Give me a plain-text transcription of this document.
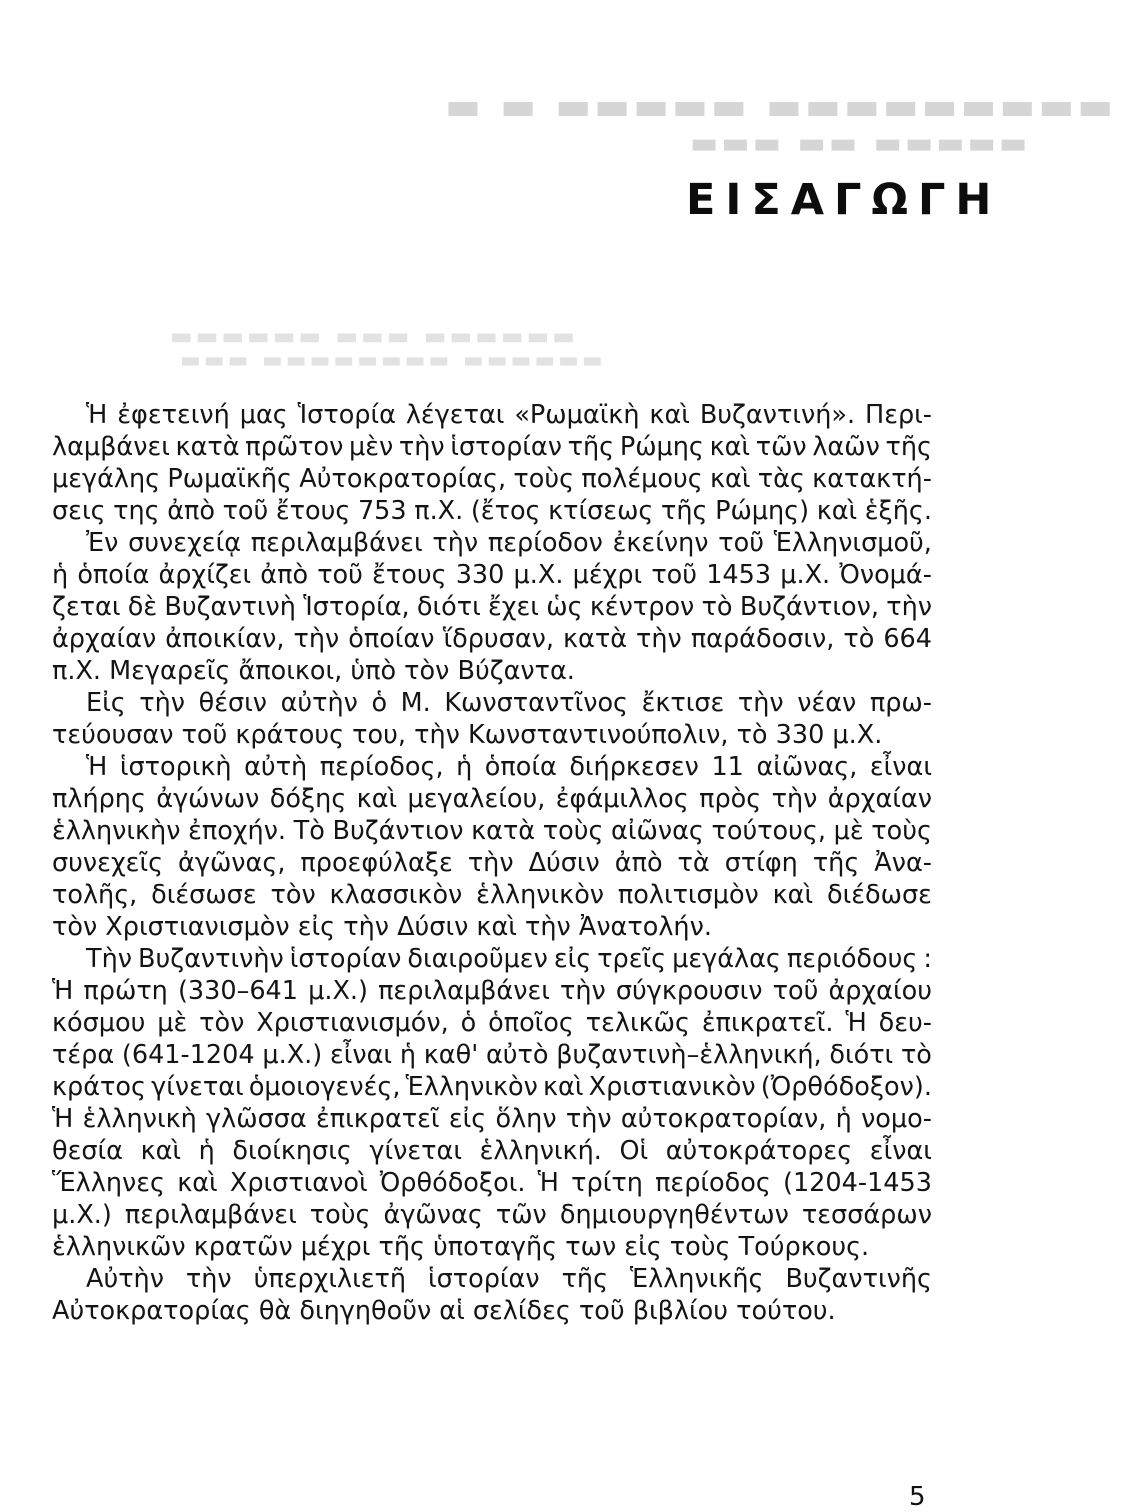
▬ ▬ ▬▬▬▬▬ ▬▬▬▬▬▬▬▬▬
▬▬▬ ▬▬ ▬▬▬▬▬
▬▬▬▬▬▬ ▬▬▬ ▬▬▬▬▬▬
▬▬▬ ▬▬▬▬▬▬▬▬ ▬▬▬▬▬▬
ΕΙΣΑΓΩΓΗ
Ἡ ἐφετεινή μας Ἱστορία λέγεται «Ρωμαϊκὴ καὶ Βυζαντινή». Περι-
λαμβάνει κατὰ πρῶτον μὲν τὴν ἱστορίαν τῆς Ρώμης καὶ τῶν λαῶν τῆς
μεγάλης Ρωμαϊκῆς Αὐτοκρατορίας, τοὺς πολέμους καὶ τὰς κατακτή-
σεις της ἀπὸ τοῦ ἔτους 753 π.Χ. (ἔτος κτίσεως τῆς Ρώμης) καὶ ἑξῆς.
Ἐν συνεχείᾳ περιλαμβάνει τὴν περίοδον ἐκείνην τοῦ Ἑλληνισμοῦ,
ἡ ὁποία ἀρχίζει ἀπὸ τοῦ ἔτους 330 μ.Χ. μέχρι τοῦ 1453 μ.Χ. Ὀνομά-
ζεται δὲ Βυζαντινὴ Ἱστορία, διότι ἔχει ὡς κέντρον τὸ Βυζάντιον, τὴν
ἀρχαίαν ἀποικίαν, τὴν ὁποίαν ἵδρυσαν, κατὰ τὴν παράδοσιν, τὸ 664
π.Χ. Μεγαρεῖς ἄποικοι, ὑπὸ τὸν Βύζαντα.
Εἰς τὴν θέσιν αὐτὴν ὁ Μ. Κωνσταντῖνος ἔκτισε τὴν νέαν πρω-
τεύουσαν τοῦ κράτους του, τὴν Κωνσταντινούπολιν, τὸ 330 μ.Χ.
Ἡ ἱστορικὴ αὐτὴ περίοδος, ἡ ὁποία διήρκεσεν 11 αἰῶνας, εἶναι
πλήρης ἀγώνων δόξης καὶ μεγαλείου, ἐφάμιλλος πρὸς τὴν ἀρχαίαν
ἑλληνικὴν ἐποχήν. Τὸ Βυζάντιον κατὰ τοὺς αἰῶνας τούτους, μὲ τοὺς
συνεχεῖς ἀγῶνας, προεφύλαξε τὴν Δύσιν ἀπὸ τὰ στίφη τῆς Ἀνα-
τολῆς, διέσωσε τὸν κλασσικὸν ἑλληνικὸν πολιτισμὸν καὶ διέδωσε
τὸν Χριστιανισμὸν εἰς τὴν Δύσιν καὶ τὴν Ἀνατολήν.
Τὴν Βυζαντινὴν ἱστορίαν διαιροῦμεν εἰς τρεῖς μεγάλας περιόδους :
Ἡ πρώτη (330–641 μ.Χ.) περιλαμβάνει τὴν σύγκρουσιν τοῦ ἀρχαίου
κόσμου μὲ τὸν Χριστιανισμόν, ὁ ὁποῖος τελικῶς ἐπικρατεῖ. Ἡ δευ-
τέρα (641-1204 μ.Χ.) εἶναι ἡ καθ' αὐτὸ βυζαντινὴ–ἑλληνική, διότι τὸ
κράτος γίνεται ὁμοιογενές, Ἑλληνικὸν καὶ Χριστιανικὸν (Ὀρθόδοξον).
Ἡ ἑλληνικὴ γλῶσσα ἐπικρατεῖ εἰς ὅλην τὴν αὐτοκρατορίαν, ἡ νομο-
θεσία καὶ ἡ διοίκησις γίνεται ἑλληνική. Οἱ αὐτοκράτορες εἶναι
Ἕλληνες καὶ Χριστιανοὶ Ὀρθόδοξοι. Ἡ τρίτη περίοδος (1204-1453
μ.Χ.) περιλαμβάνει τοὺς ἀγῶνας τῶν δημιουργηθέντων τεσσάρων
ἑλληνικῶν κρατῶν μέχρι τῆς ὑποταγῆς των εἰς τοὺς Τούρκους.
Αὐτὴν τὴν ὑπερχιλιετῆ ἱστορίαν τῆς Ἑλληνικῆς Βυζαντινῆς
Αὐτοκρατορίας θὰ διηγηθοῦν αἱ σελίδες τοῦ βιβλίου τούτου.
5
